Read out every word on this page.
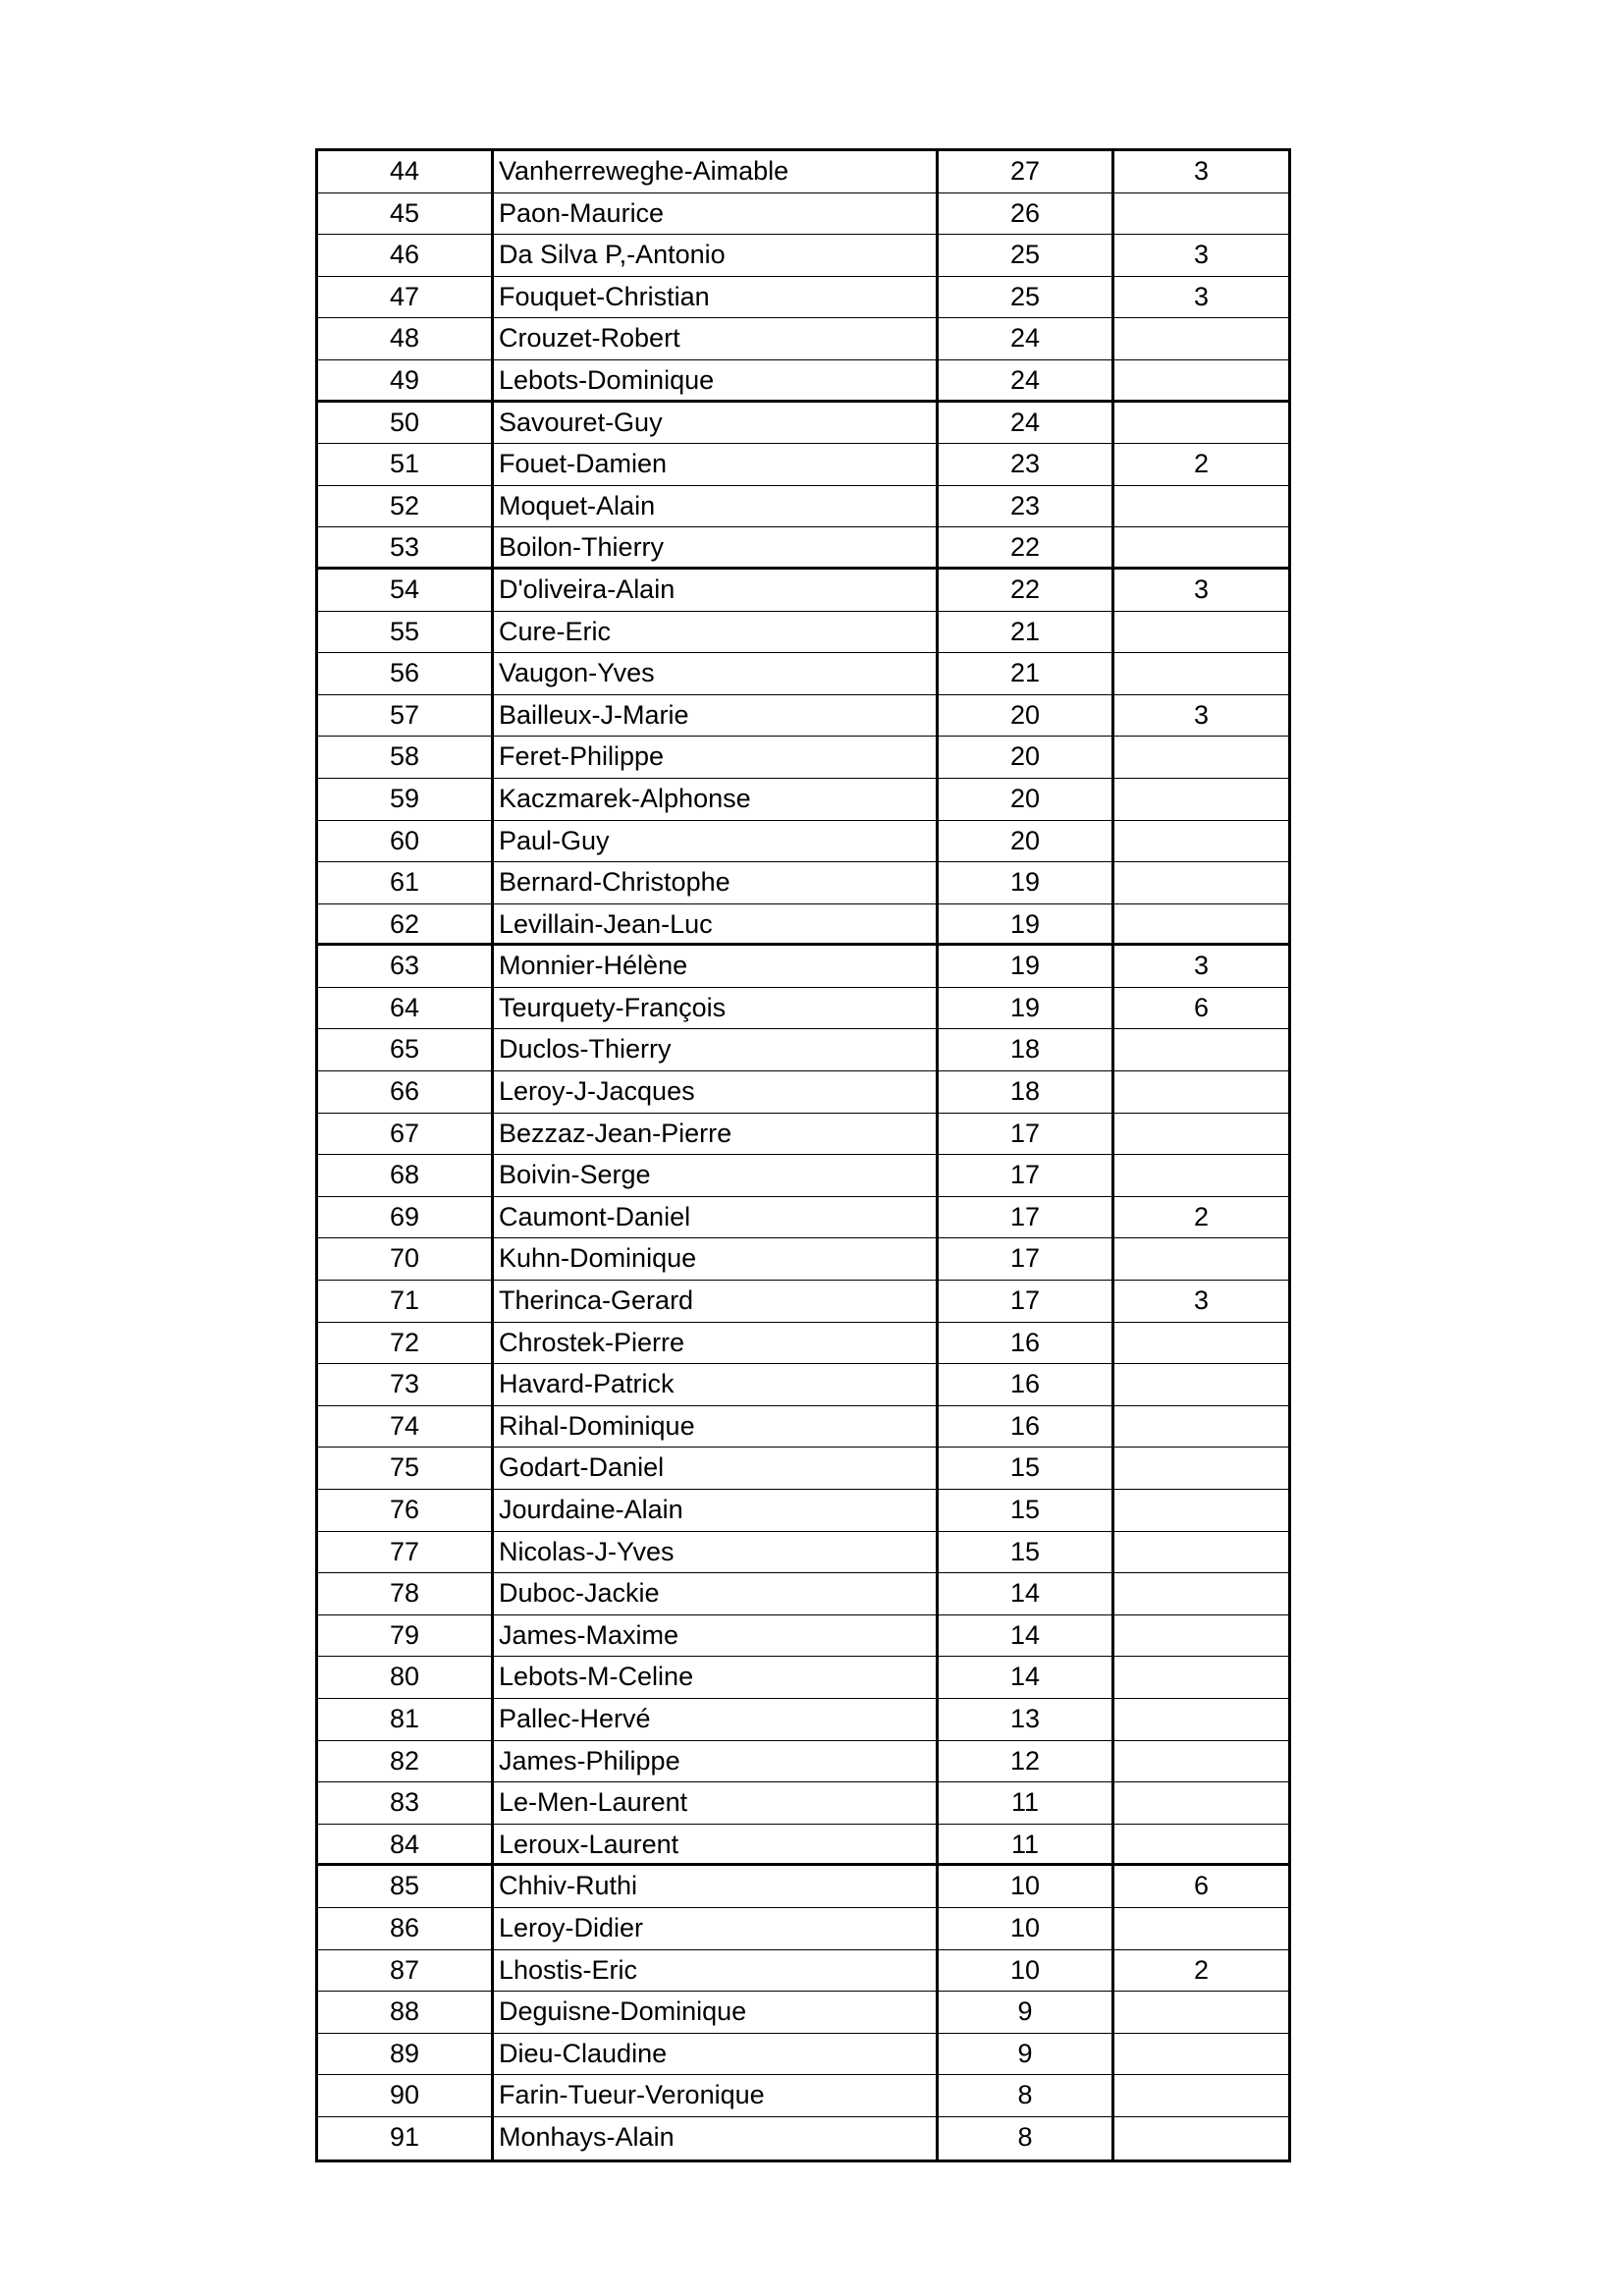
44	Vanherreweghe-Aimable	27	3
45	Paon-Maurice	26
46	Da Silva P,-Antonio	25	3
47	Fouquet-Christian	25	3
48	Crouzet-Robert	24
49	Lebots-Dominique	24
50	Savouret-Guy	24
51	Fouet-Damien	23	2
52	Moquet-Alain	23
53	Boilon-Thierry	22
54	D'oliveira-Alain	22	3
55	Cure-Eric	21
56	Vaugon-Yves	21
57	Bailleux-J-Marie	20	3
58	Feret-Philippe	20
59	Kaczmarek-Alphonse	20
60	Paul-Guy	20
61	Bernard-Christophe	19
62	Levillain-Jean-Luc	19
63	Monnier-Hélène	19	3
64	Teurquety-François	19	6
65	Duclos-Thierry	18
66	Leroy-J-Jacques	18
67	Bezzaz-Jean-Pierre	17
68	Boivin-Serge	17
69	Caumont-Daniel	17	2
70	Kuhn-Dominique	17
71	Therinca-Gerard	17	3
72	Chrostek-Pierre	16
73	Havard-Patrick	16
74	Rihal-Dominique	16
75	Godart-Daniel	15
76	Jourdaine-Alain	15
77	Nicolas-J-Yves	15
78	Duboc-Jackie	14
79	James-Maxime	14
80	Lebots-M-Celine	14
81	Pallec-Hervé	13
82	James-Philippe	12
83	Le-Men-Laurent	11
84	Leroux-Laurent	11
85	Chhiv-Ruthi	10	6
86	Leroy-Didier	10
87	Lhostis-Eric	10	2
88	Deguisne-Dominique	9
89	Dieu-Claudine	9
90	Farin-Tueur-Veronique	8
91	Monhays-Alain	8
